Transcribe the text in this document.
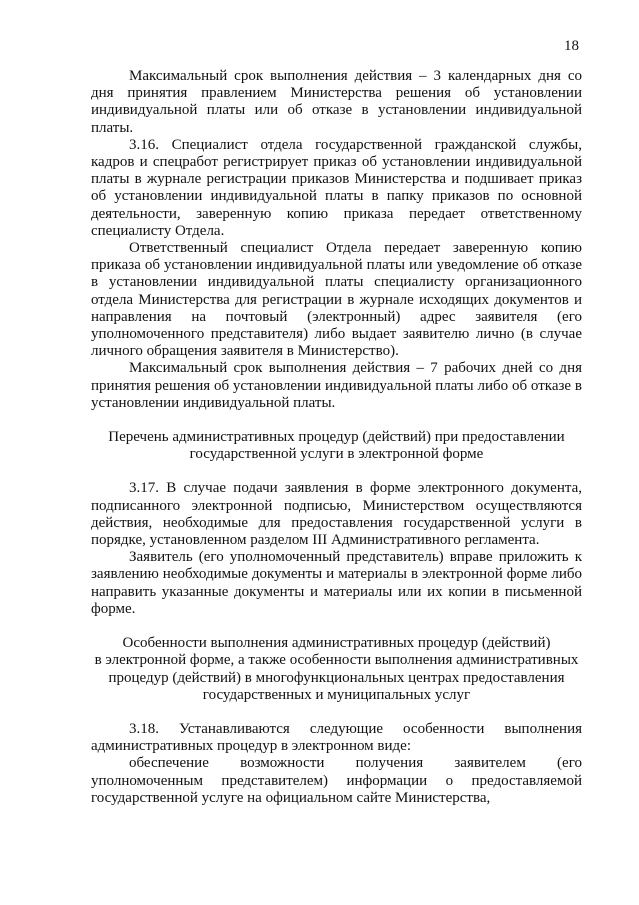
18

Максимальный срок выполнения действия – 3 календарных дня со дня принятия правлением Министерства решения об установлении индивидуальной платы или об отказе в установлении индивидуальной платы.

3.16. Специалист отдела государственной гражданской службы, кадров и спецработ регистрирует приказ об установлении индивидуальной платы в журнале регистрации приказов Министерства и подшивает приказ об установлении индивидуальной платы в папку приказов по основной деятельности, заверенную копию приказа передает ответственному специалисту Отдела.

Ответственный специалист Отдела передает заверенную копию приказа об установлении индивидуальной платы или уведомление об отказе в установлении индивидуальной платы специалисту организационного отдела Министерства для регистрации в журнале исходящих документов и направления на почтовый (электронный) адрес заявителя (его уполномоченного представителя) либо выдает заявителю лично (в случае личного обращения заявителя в Министерство).

Максимальный срок выполнения действия – 7 рабочих дней со дня принятия решения об установлении индивидуальной платы либо об отказе в установлении индивидуальной платы.

Перечень административных процедур (действий) при предоставлении
государственной услуги в электронной форме

3.17. В случае подачи заявления в форме электронного документа, подписанного электронной подписью, Министерством осуществляются действия, необходимые для предоставления государственной услуги в порядке, установленном разделом III Административного регламента.

Заявитель (его уполномоченный представитель) вправе приложить к заявлению необходимые документы и материалы в электронной форме либо направить указанные документы и материалы или их копии в письменной форме.

Особенности выполнения административных процедур (действий)
в электронной форме, а также особенности выполнения административных
процедур (действий) в многофункциональных центрах предоставления
государственных и муниципальных услуг

3.18. Устанавливаются следующие особенности выполнения административных процедур в электронном виде:

обеспечение возможности получения заявителем (его уполномоченным представителем) информации о предоставляемой государственной услуге на официальном сайте Министерства,
